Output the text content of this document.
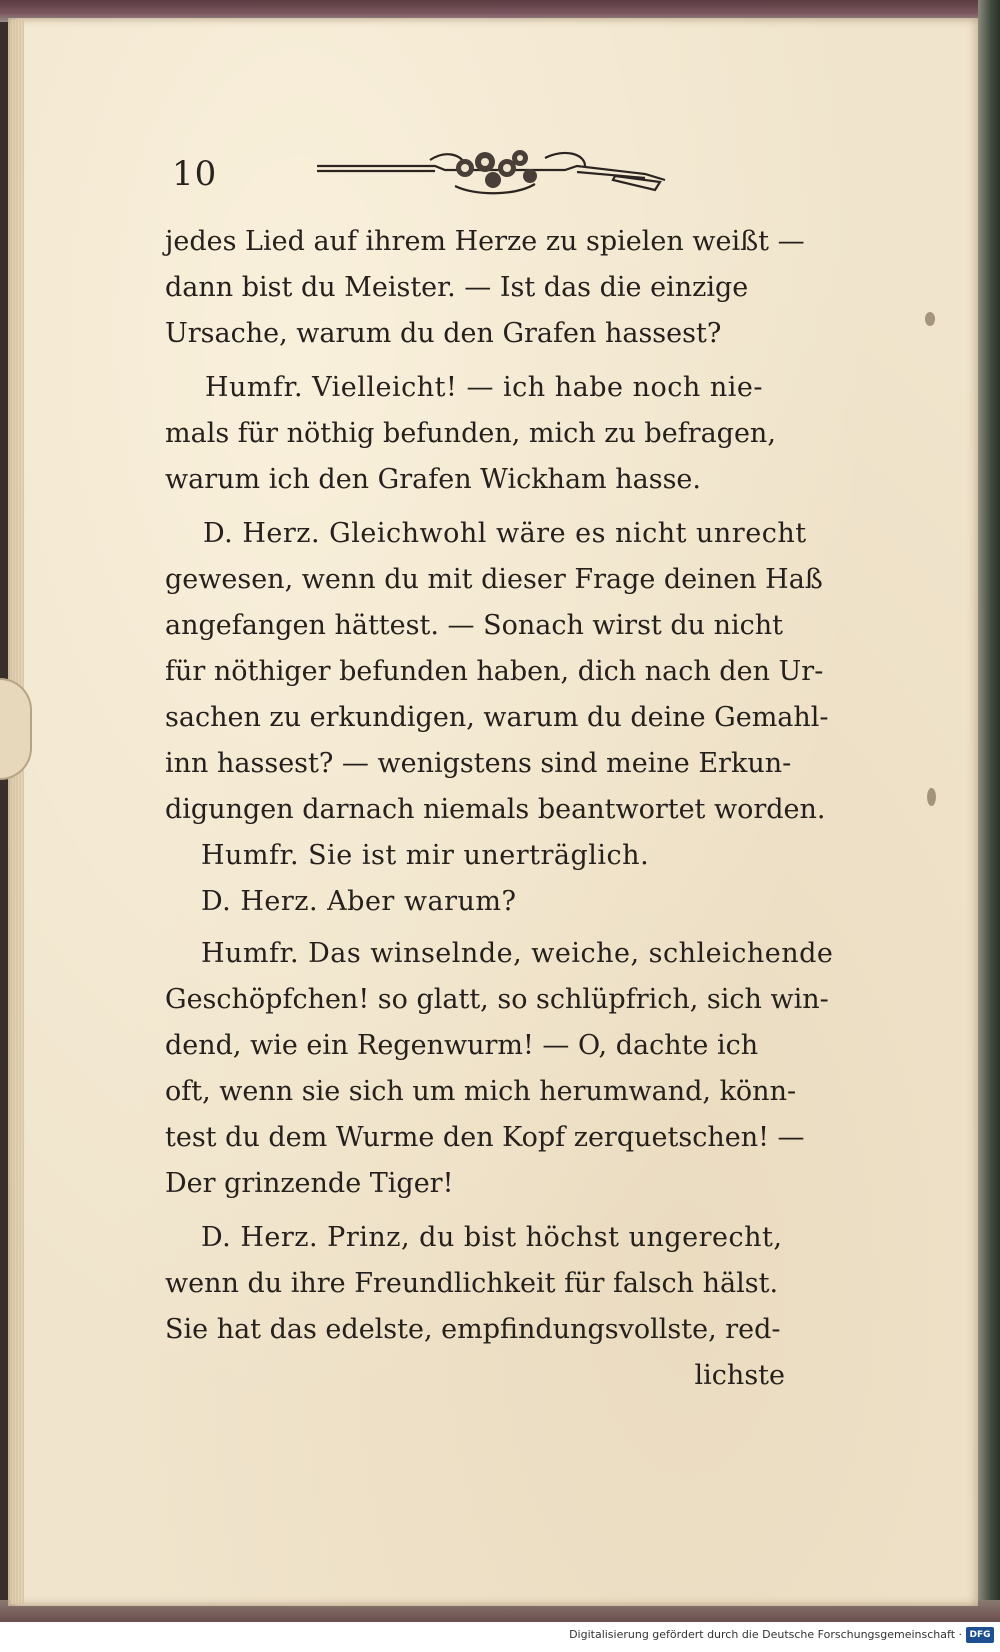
10
jedes Lied auf ihrem Herze zu spielen weißt —
dann bist du Meister. — Ist das die einzige
Ursache, warum du den Grafen hassest?
Humfr. Vielleicht! — ich habe noch nie-
mals für nöthig befunden, mich zu befragen,
warum ich den Grafen Wickham hasse.
D. Herz. Gleichwohl wäre es nicht unrecht
gewesen, wenn du mit dieser Frage deinen Haß
angefangen hättest. — Sonach wirst du nicht
für nöthiger befunden haben, dich nach den Ur-
sachen zu erkundigen, warum du deine Gemahl-
inn hassest? — wenigstens sind meine Erkun-
digungen darnach niemals beantwortet worden.
Humfr. Sie ist mir unerträglich.
D. Herz. Aber warum?
Humfr. Das winselnde, weiche, schleichende
Geschöpfchen! so glatt, so schlüpfrich, sich win-
dend, wie ein Regenwurm! — O, dachte ich
oft, wenn sie sich um mich herumwand, könn-
test du dem Wurme den Kopf zerquetschen! —
Der grinzende Tiger!
D. Herz. Prinz, du bist höchst ungerecht,
wenn du ihre Freundlichkeit für falsch hälst.
Sie hat das edelste, empfindungsvollste, red-
lichste
Digitalisierung gefördert durch die Deutsche Forschungsgemeinschaft · DFG
